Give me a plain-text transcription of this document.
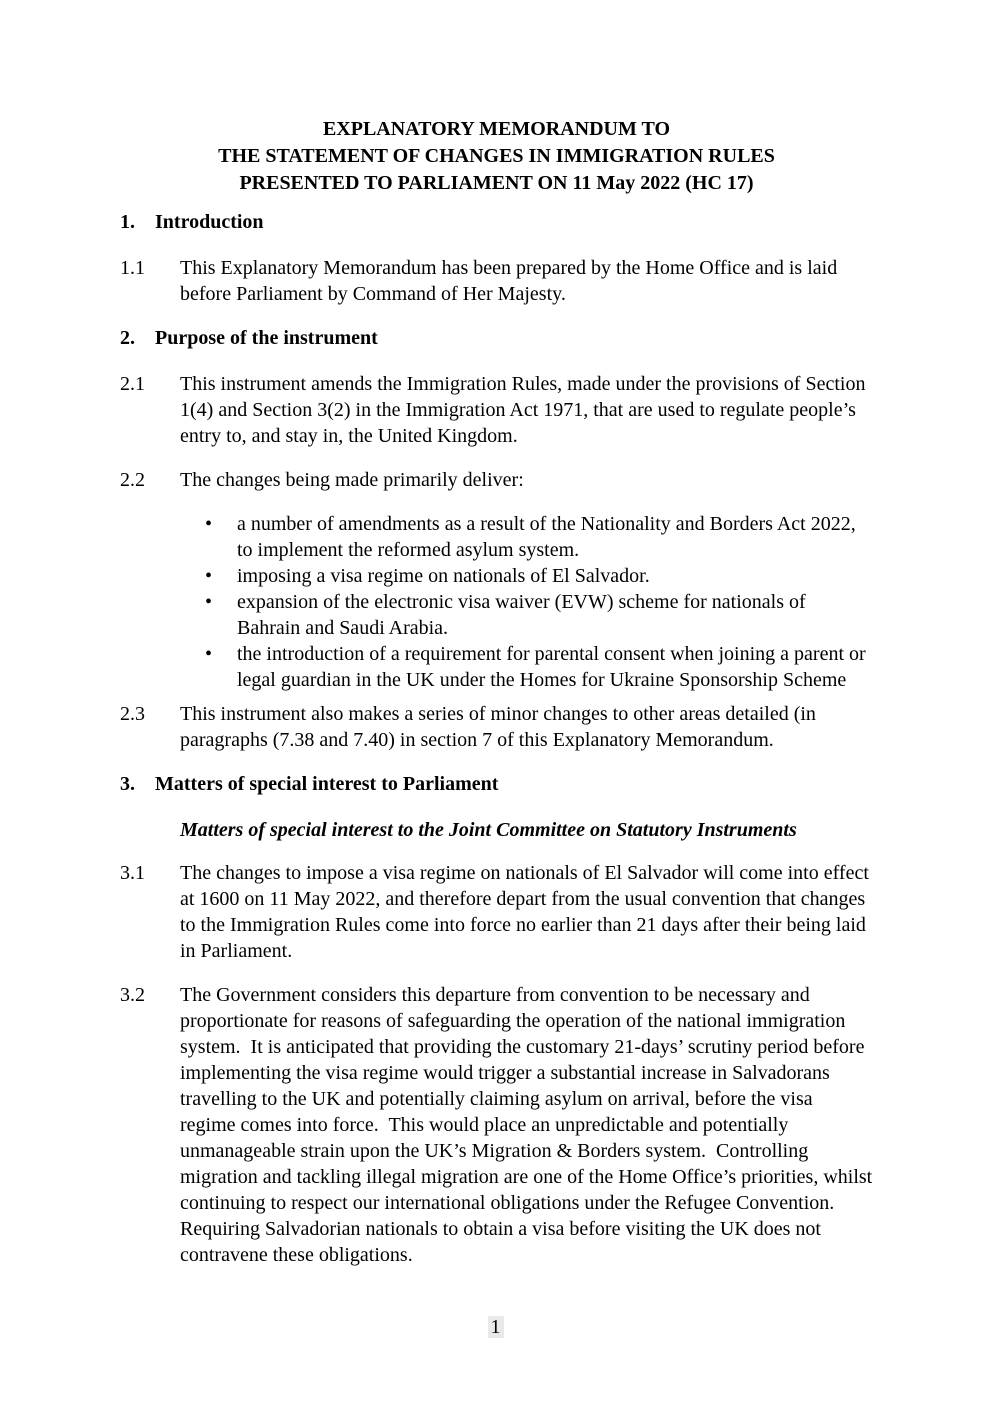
EXPLANATORY MEMORANDUM TO
THE STATEMENT OF CHANGES IN IMMIGRATION RULES
PRESENTED TO PARLIAMENT ON 11 May 2022 (HC 17)
1.	Introduction
1.1	This Explanatory Memorandum has been prepared by the Home Office and is laid before Parliament by Command of Her Majesty.
2.	Purpose of the instrument
2.1	This instrument amends the Immigration Rules, made under the provisions of Section 1(4) and Section 3(2) in the Immigration Act 1971, that are used to regulate people’s entry to, and stay in, the United Kingdom.
2.2	The changes being made primarily deliver:
•	a number of amendments as a result of the Nationality and Borders Act 2022, to implement the reformed asylum system.
•	imposing a visa regime on nationals of El Salvador.
•	expansion of the electronic visa waiver (EVW) scheme for nationals of Bahrain and Saudi Arabia.
•	the introduction of a requirement for parental consent when joining a parent or legal guardian in the UK under the Homes for Ukraine Sponsorship Scheme
2.3	This instrument also makes a series of minor changes to other areas detailed (in paragraphs (7.38 and 7.40) in section 7 of this Explanatory Memorandum.
3.	Matters of special interest to Parliament
Matters of special interest to the Joint Committee on Statutory Instruments
3.1	The changes to impose a visa regime on nationals of El Salvador will come into effect at 1600 on 11 May 2022, and therefore depart from the usual convention that changes to the Immigration Rules come into force no earlier than 21 days after their being laid in Parliament.
3.2	The Government considers this departure from convention to be necessary and proportionate for reasons of safeguarding the operation of the national immigration system.  It is anticipated that providing the customary 21-days’ scrutiny period before implementing the visa regime would trigger a substantial increase in Salvadorans travelling to the UK and potentially claiming asylum on arrival, before the visa regime comes into force.  This would place an unpredictable and potentially unmanageable strain upon the UK’s Migration & Borders system.  Controlling migration and tackling illegal migration are one of the Home Office’s priorities, whilst continuing to respect our international obligations under the Refugee Convention.  Requiring Salvadorian nationals to obtain a visa before visiting the UK does not contravene these obligations.
1
